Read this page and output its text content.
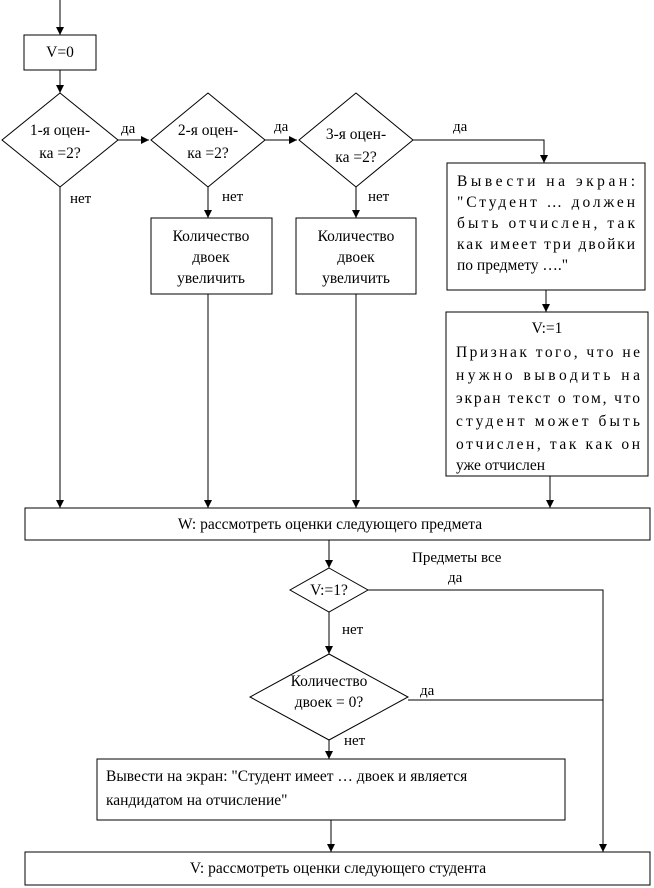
V=0
1-я оцен-
ка =2?
2-я оцен-
ка =2?
3-я оцен-
ка =2?
Количество
двоек
увеличить
Количество
двоек
увеличить
Вывести на экран:
"Студент … должен
быть отчислен, так
как имеет три двойки
по предмету …."
V:=1
Признак того, что не
нужно выводить на
экран текст о том, что
студент может быть
отчислен, так как он
уже отчислен
W: рассмотреть оценки следующего предмета
V:=1?
Количество
двоек = 0?
Вывести на экран: "Студент имеет … двоек и является
кандидатом на отчисление"
V: рассмотреть оценки следующего студента
да
нет
да
нет
да
нет
Предметы все
да
нет
да
нет
